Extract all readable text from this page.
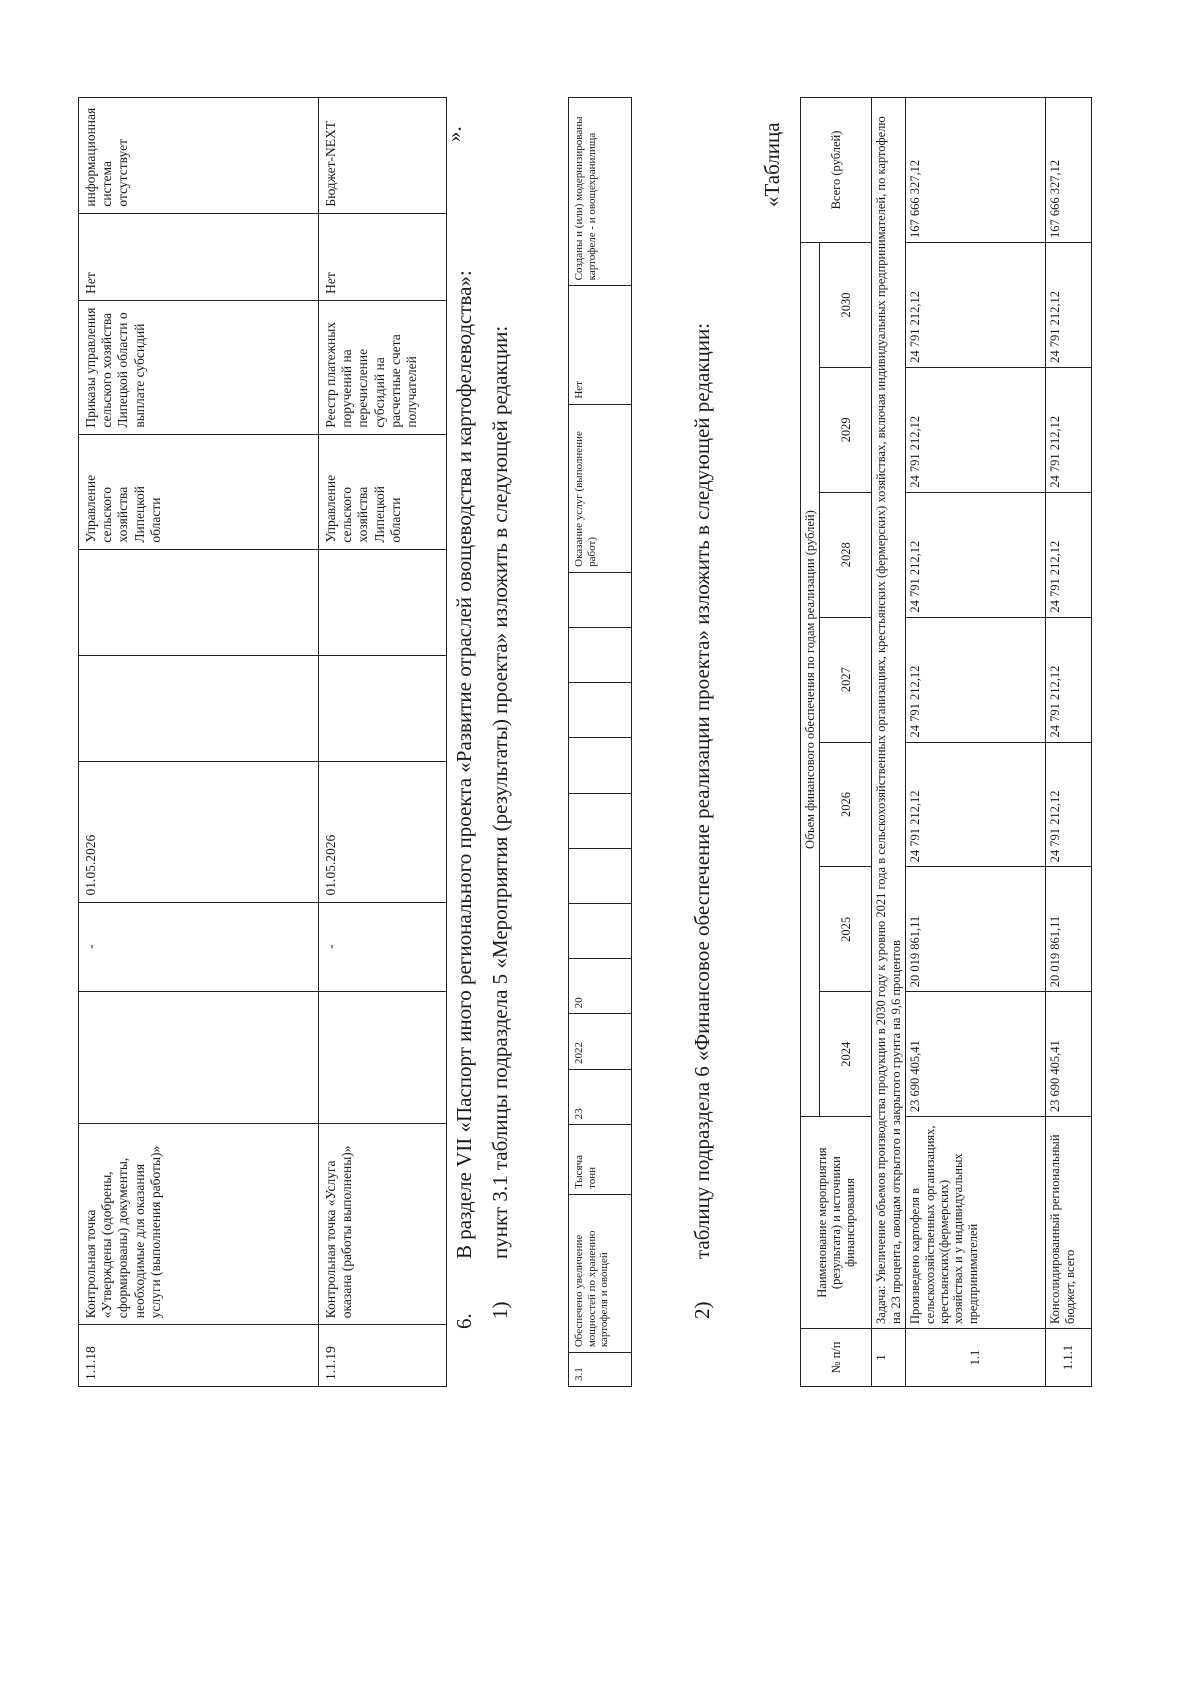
1.1.18	Контрольная точка «Утверждены (одобрены, сформированы) документы, необходимые для оказания услуги (выполнения работы)»		-	01.05.2026			Управление сельского хозяйства Липецкой области	Приказы управления сельского хозяйства Липецкой области о выплате субсидий	Нет	информационная система отсутствует
1.1.19	Контрольная точка «Услуга оказана (работы выполнены)»		-	01.05.2026			Управление сельского хозяйства Липецкой области	Реестр платежных поручений на перечисление субсидий на расчетные счета получателей	Нет	Бюджет-NEXT	».
6.
В разделе VII «Паспорт иного регионального проекта «Развитие отраслей овощеводства и картофелеводства»:
1)
пункт 3.1 таблицы подраздела 5 «Мероприятия (результаты) проекта» изложить в следующей редакции:
3.1	Обеспечено увеличение мощностей по хранению картофеля и овощей	Тысяча тонн	23	2022	20								Оказание услуг (выполнение работ)	Нет	Созданы и (или) модернизированы картофеле - и овощехранилища
2)
таблицу подраздела 6 «Финансовое обеспечение реализации проекта» изложить в следующей редакции:
«Таблица
№ п/п	Наименование мероприятия (результата) и источники финансирования	Объем финансового обеспечения по годам реализации (рублей)							Всего (рублей)
		2024	2025	2026	2027	2028	2029	2030	
1	Задача: Увеличение объемов производства продукции в 2030 году к уровню 2021 года в сельскохозяйственных организациях, крестьянских (фермерских) хозяйствах, включая индивидуальных предпринимателей, по картофелю на 23 процента, овощам открытого и закрытого грунта на 9,6 процентов								
1.1	Произведено картофеля в сельскохозяйственных организациях, крестьянских(фермерских) хозяйствах и у индивидуальных предпринимателей	23 690 405,41	20 019 861,11	24 791 212,12	24 791 212,12	24 791 212,12	24 791 212,12	24 791 212,12	167 666 327,12
1.1.1	Консолидированный региональный бюджет, всего	23 690 405,41	20 019 861,11	24 791 212,12	24 791 212,12	24 791 212,12	24 791 212,12	24 791 212,12	167 666 327,12
